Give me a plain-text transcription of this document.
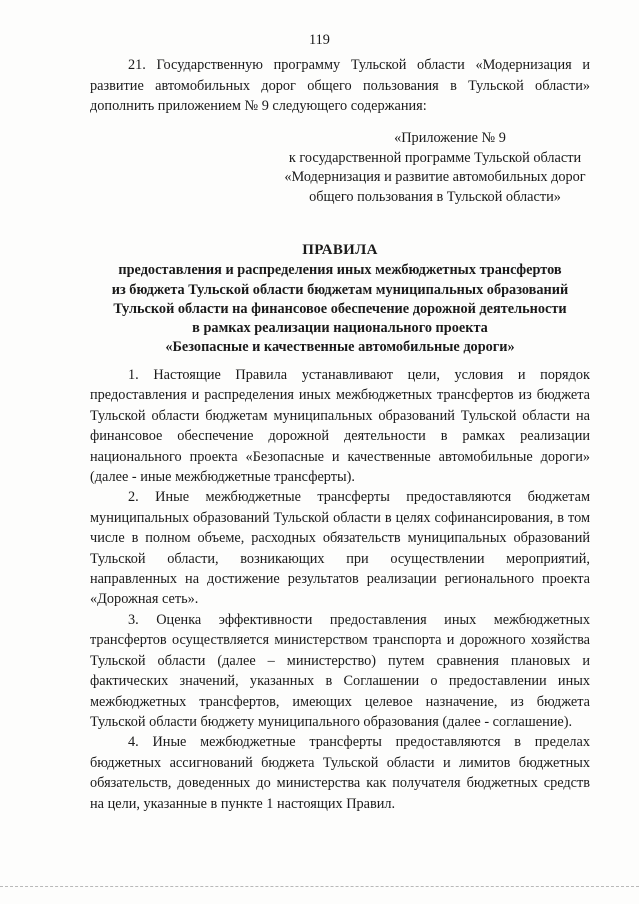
119

21. Государственную программу Тульской области «Модернизация и развитие автомобильных дорог общего пользования в Тульской области» дополнить приложением № 9 следующего содержания:

«Приложение № 9
к государственной программе Тульской области
«Модернизация и развитие автомобильных дорог
общего пользования в Тульской области»
ПРАВИЛА
предоставления и распределения иных межбюджетных трансфертов
из бюджета Тульской области бюджетам муниципальных образований
Тульской области на финансовое обеспечение дорожной деятельности
в рамках реализации национального проекта
«Безопасные и качественные автомобильные дороги»

1. Настоящие Правила устанавливают цели, условия и порядок предоставления и распределения иных межбюджетных трансфертов из бюджета Тульской области бюджетам муниципальных образований Тульской области на финансовое обеспечение дорожной деятельности в рамках реализации национального проекта «Безопасные и качественные автомобильные дороги» (далее - иные межбюджетные трансферты).

2. Иные межбюджетные трансферты предоставляются бюджетам муниципальных образований Тульской области в целях софинансирования, в том числе в полном объеме, расходных обязательств муниципальных образований Тульской области, возникающих при осуществлении мероприятий, направленных на достижение результатов реализации регионального проекта «Дорожная сеть».

3. Оценка эффективности предоставления иных межбюджетных трансфертов осуществляется министерством транспорта и дорожного хозяйства Тульской области (далее – министерство) путем сравнения плановых и фактических значений, указанных в Соглашении о предоставлении иных межбюджетных трансфертов, имеющих целевое назначение, из бюджета Тульской области бюджету муниципального образования (далее - соглашение).

4. Иные межбюджетные трансферты предоставляются в пределах бюджетных ассигнований бюджета Тульской области и лимитов бюджетных обязательств, доведенных до министерства как получателя бюджетных средств на цели, указанные в пункте 1 настоящих Правил.
